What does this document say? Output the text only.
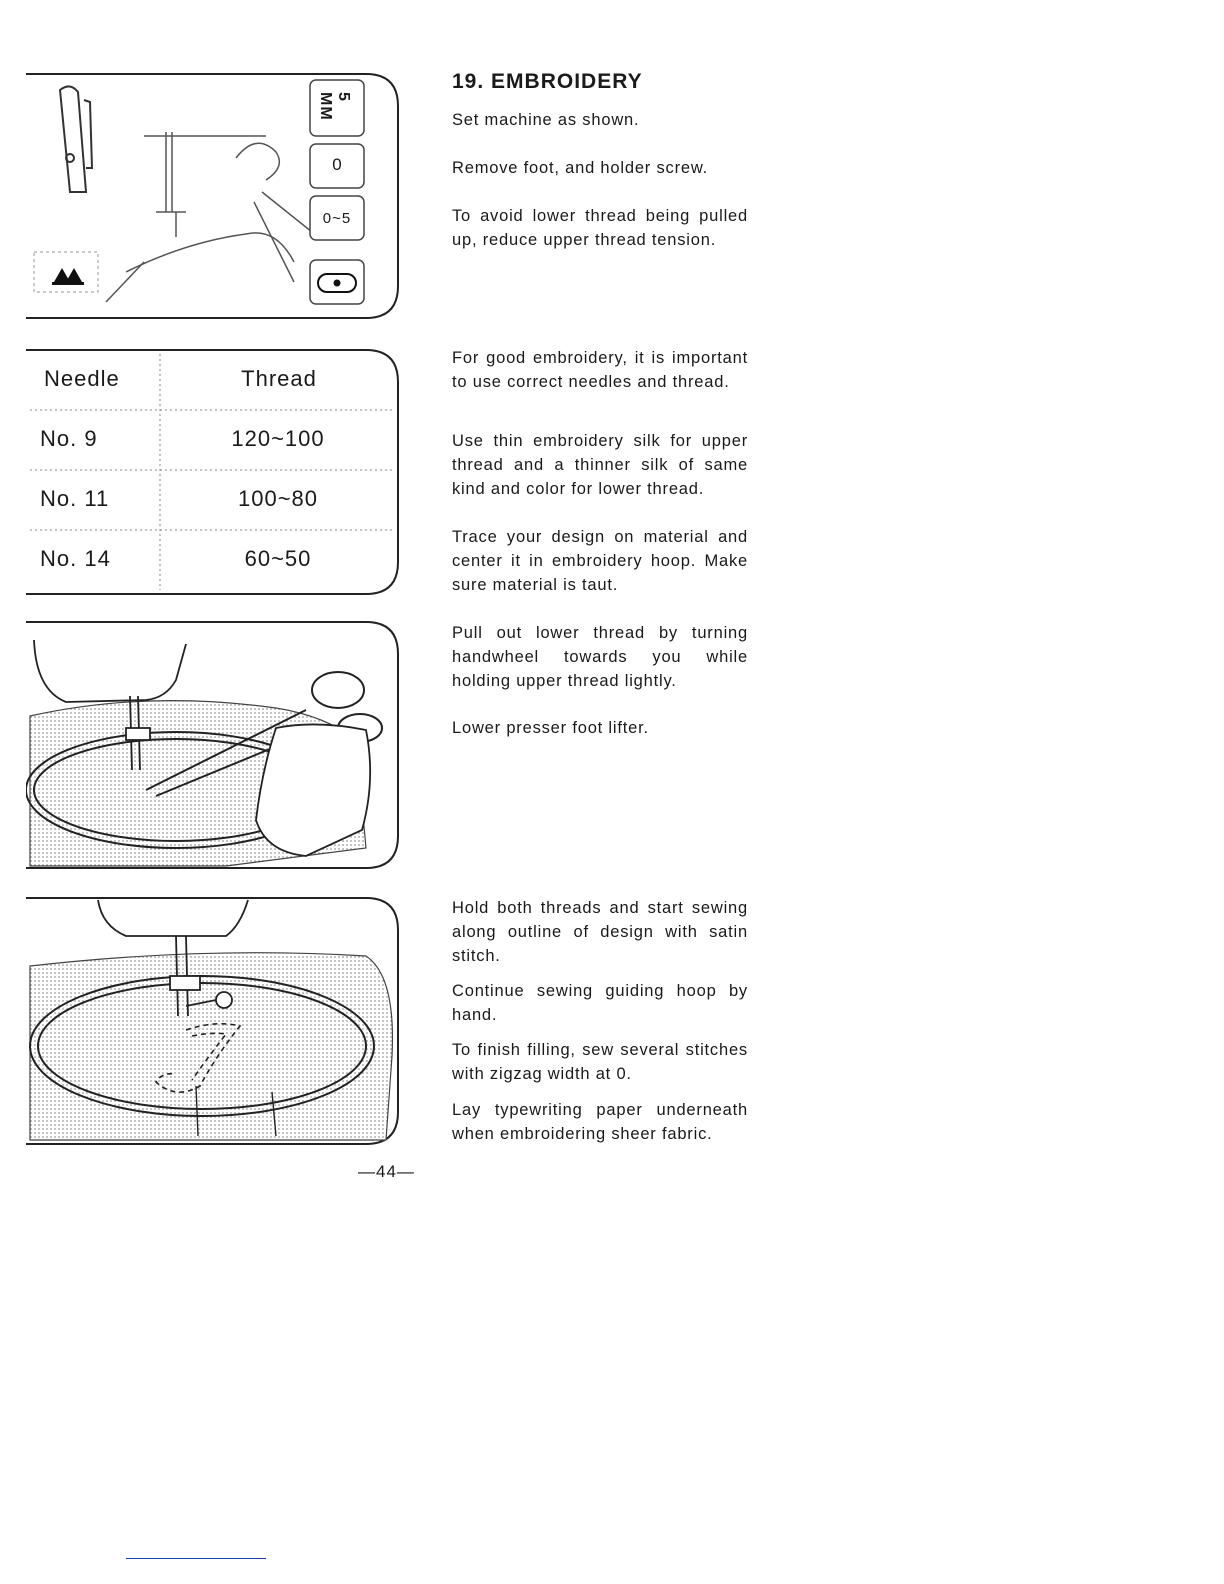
5 MM
0
0~5
Needle	Thread
No. 9	120~100
No. 11	100~80
No. 14	60~50
19. EMBROIDERY

Set machine as shown.

Remove foot, and holder screw.

To avoid lower thread being pulled up, reduce upper thread tension.

For good embroidery, it is important to use correct needles and thread.

Use thin embroidery silk for upper thread and a thinner silk of same kind and color for lower thread.

Trace your design on material and center it in embroidery hoop. Make sure material is taut.

Pull out lower thread by turning handwheel towards you while holding upper thread lightly.

Lower presser foot lifter.

Hold both threads and start sewing along outline of design with satin stitch.

Continue sewing guiding hoop by hand.

To finish filling, sew several stitches with zigzag width at 0.

Lay typewriting paper underneath when embroidering sheer fabric.

—44—
